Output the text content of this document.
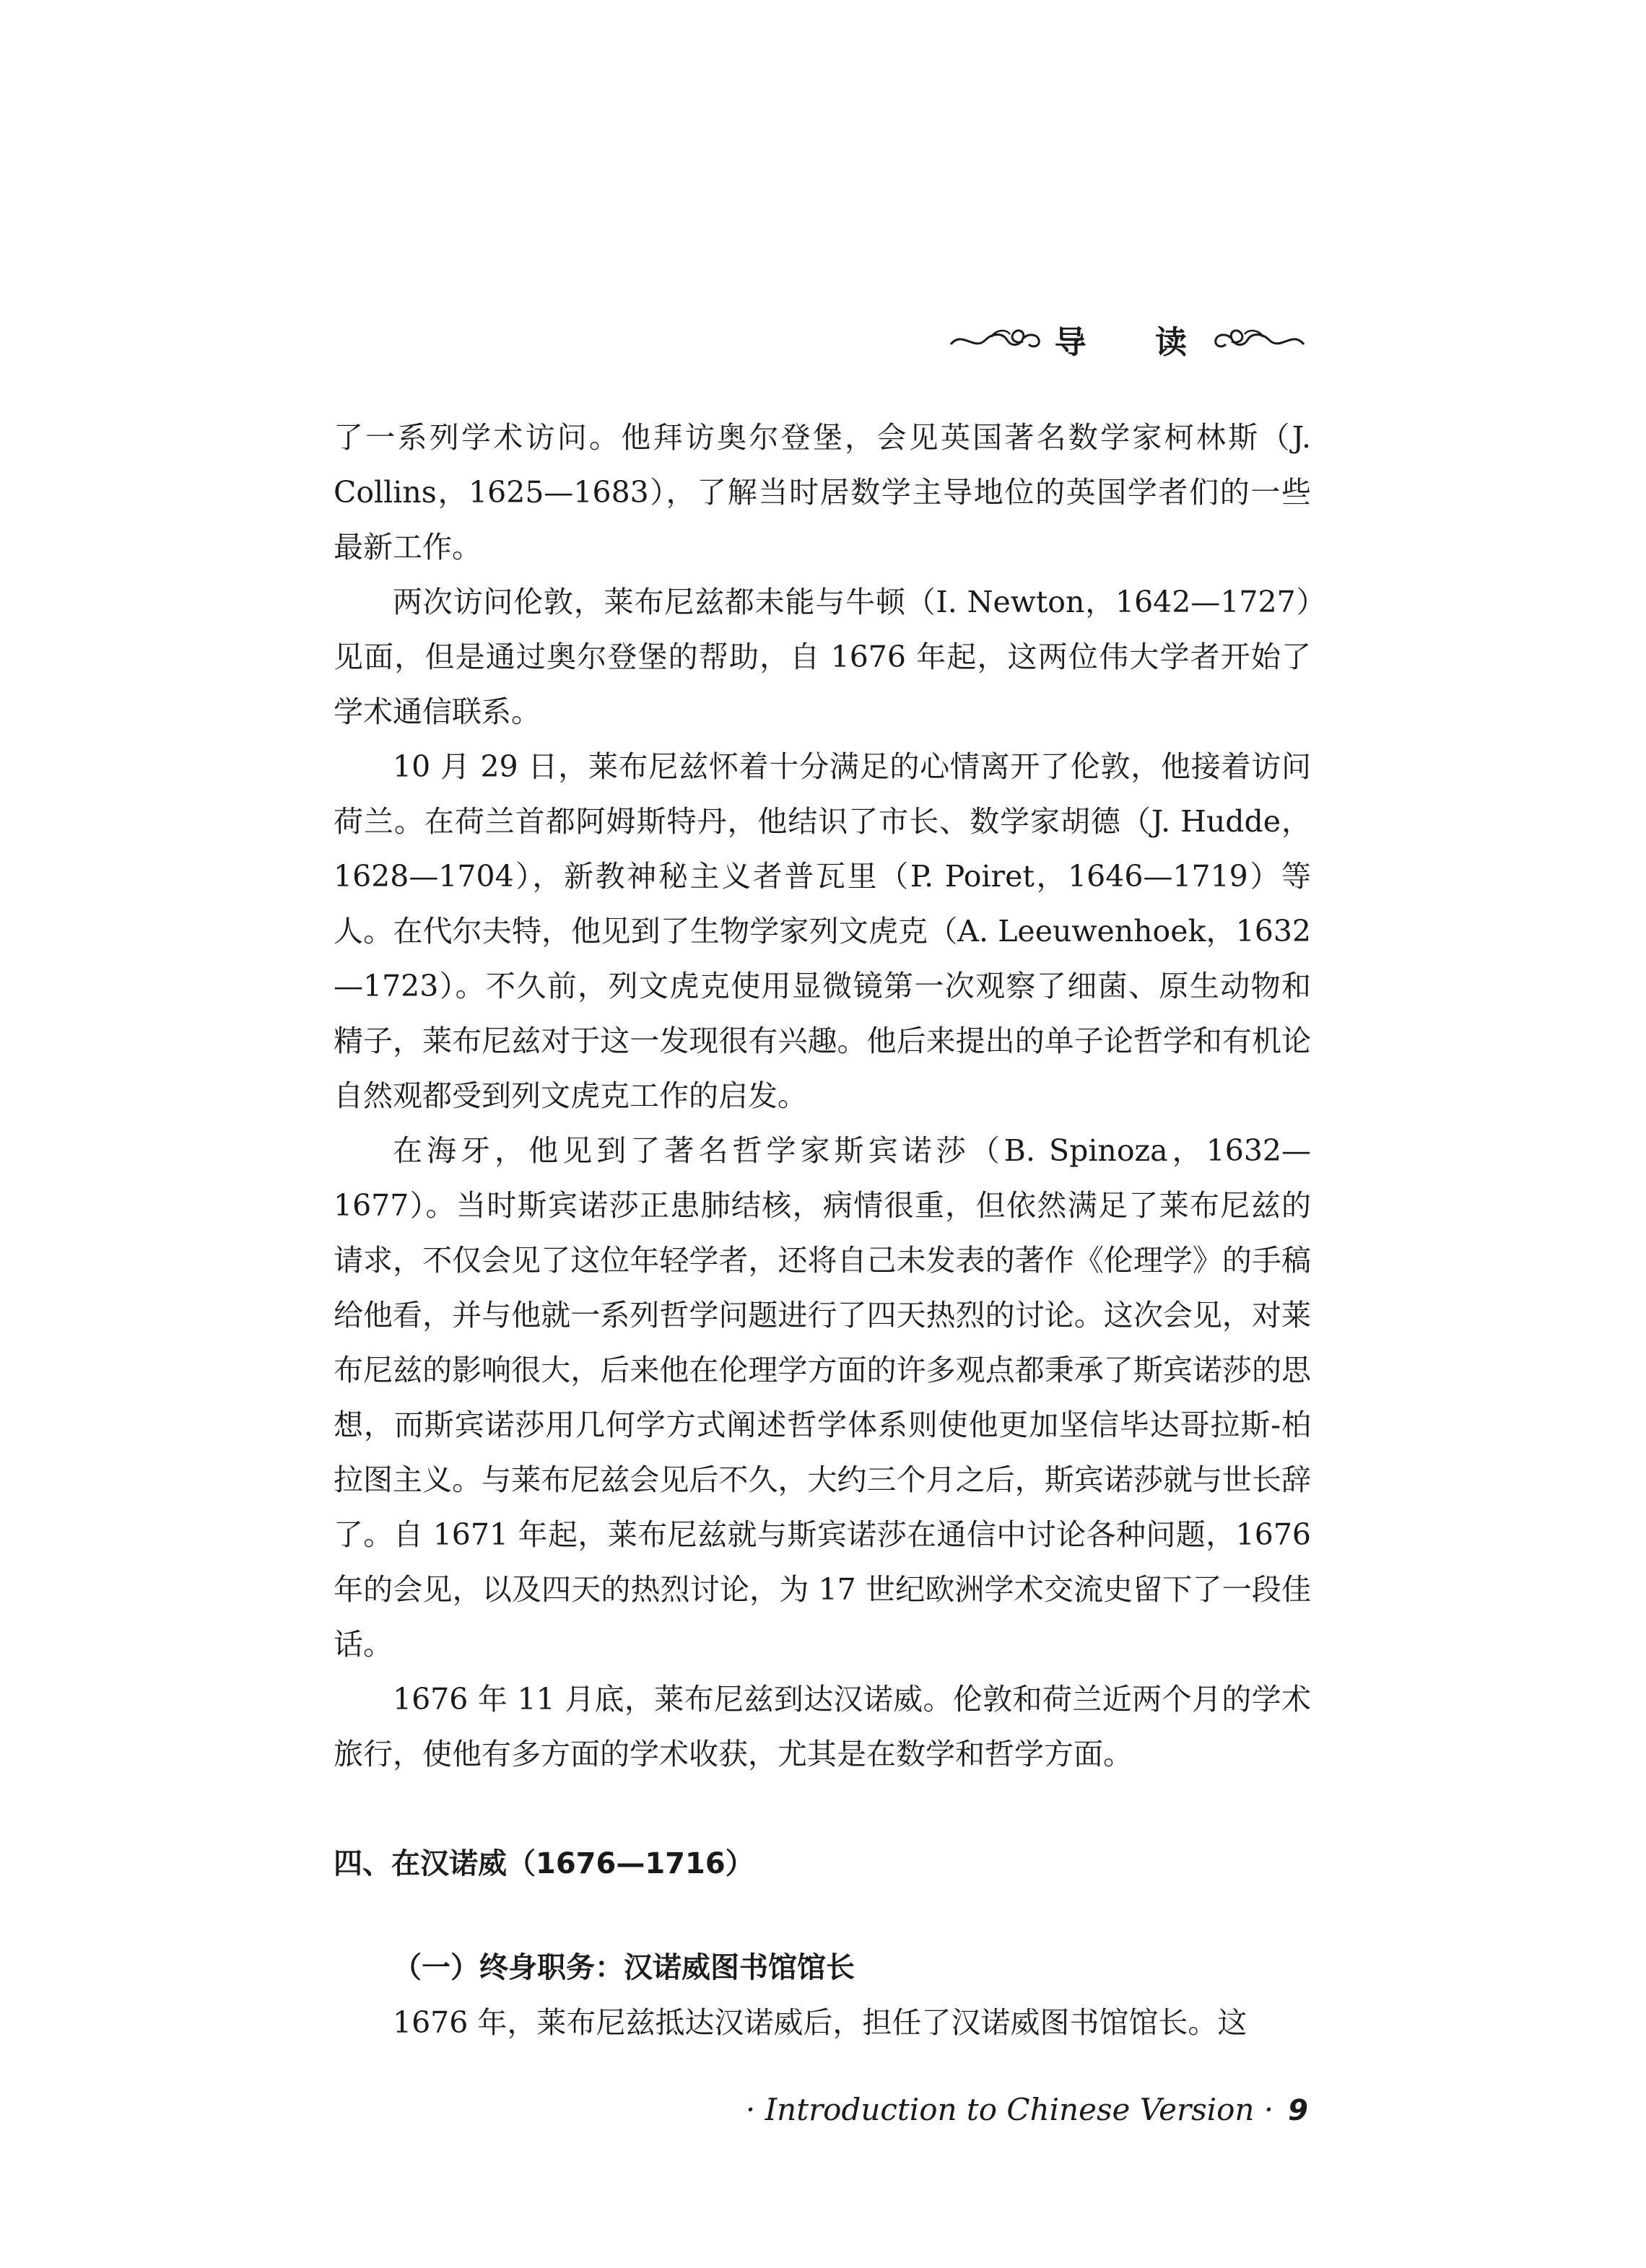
导 读

了一系列学术访问。他拜访奥尔登堡，会见英国著名数学家柯林斯（J. Collins，1625—1683），了解当时居数学主导地位的英国学者们的一些最新工作。

两次访问伦敦，莱布尼兹都未能与牛顿（I. Newton，1642—1727）见面，但是通过奥尔登堡的帮助，自 1676 年起，这两位伟大学者开始了学术通信联系。

10 月 29 日，莱布尼兹怀着十分满足的心情离开了伦敦，他接着访问荷兰。在荷兰首都阿姆斯特丹，他结识了市长、数学家胡德（J. Hudde，1628—1704），新教神秘主义者普瓦里（P. Poiret，1646—1719）等人。在代尔夫特，他见到了生物学家列文虎克（A. Leeuwenhoek，1632—1723）。不久前，列文虎克使用显微镜第一次观察了细菌、原生动物和精子，莱布尼兹对于这一发现很有兴趣。他后来提出的单子论哲学和有机论自然观都受到列文虎克工作的启发。

在海牙，他见到了著名哲学家斯宾诺莎（B. Spinoza，1632—1677）。当时斯宾诺莎正患肺结核，病情很重，但依然满足了莱布尼兹的请求，不仅会见了这位年轻学者，还将自己未发表的著作《伦理学》的手稿给他看，并与他就一系列哲学问题进行了四天热烈的讨论。这次会见，对莱布尼兹的影响很大，后来他在伦理学方面的许多观点都秉承了斯宾诺莎的思想，而斯宾诺莎用几何学方式阐述哲学体系则使他更加坚信毕达哥拉斯-柏拉图主义。与莱布尼兹会见后不久，大约三个月之后，斯宾诺莎就与世长辞了。自 1671 年起，莱布尼兹就与斯宾诺莎在通信中讨论各种问题，1676 年的会见，以及四天的热烈讨论，为 17 世纪欧洲学术交流史留下了一段佳话。

1676 年 11 月底，莱布尼兹到达汉诺威。伦敦和荷兰近两个月的学术旅行，使他有多方面的学术收获，尤其是在数学和哲学方面。

四、在汉诺威（1676—1716）
（一）终身职务：汉诺威图书馆馆长

1676 年，莱布尼兹抵达汉诺威后，担任了汉诺威图书馆馆长。这

· Introduction to Chinese Version · 9
